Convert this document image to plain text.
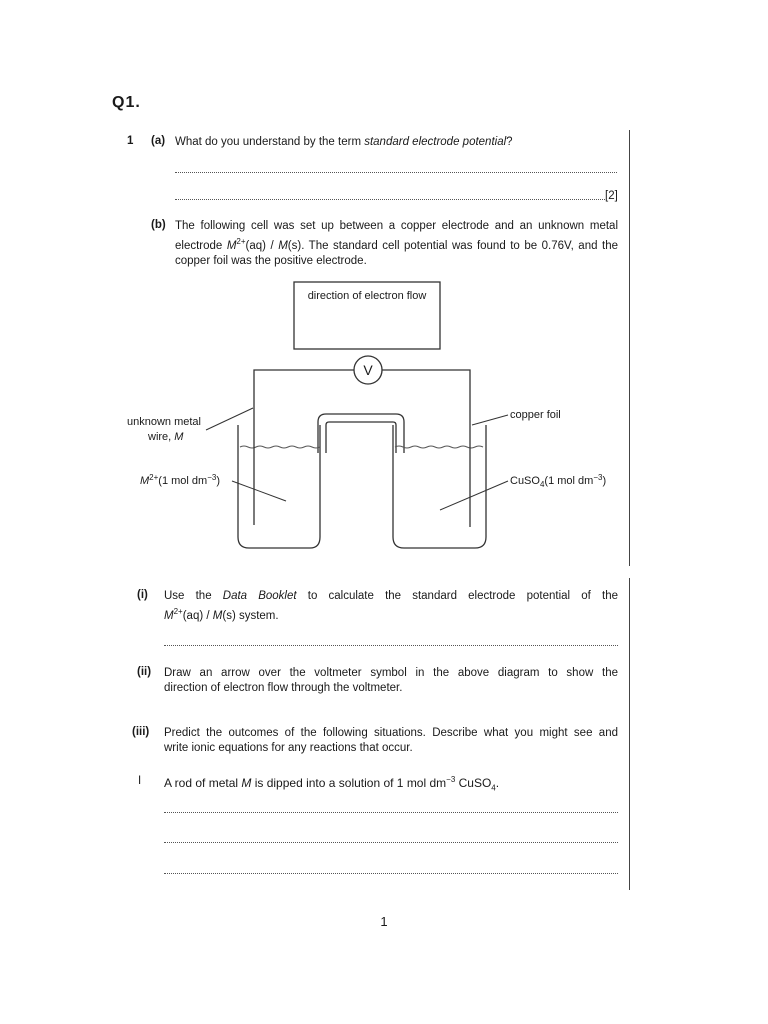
Q1.
1 (a) What do you understand by the term standard electrode potential?
[2]
(b) The following cell was set up between a copper electrode and an unknown metal
electrode $M^{2+}(aq) / M(s)$. The standard cell potential was found to be 0.76V, and the
copper foil was the positive electrode.
direction of electron flow
V
unknown metal
wire, M
copper foil
$M^{2+}(1$ mol $dm^{-3}$)	CuSO$_4$(1 mol $dm^{-3}$)
(i) Use the Data Booklet to calculate the standard electrode potential of the
$M^{2+}(aq) / M(s)$ system.
(ii) Draw an arrow over the voltmeter symbol in the above diagram to show the
direction of electron flow through the voltmeter.
(iii) Predict the outcomes of the following situations. Describe what you might see and
write ionic equations for any reactions that occur.
I A rod of metal M is dipped into a solution of 1 mol $dm^{-3}$ CuSO$_4$.
1
